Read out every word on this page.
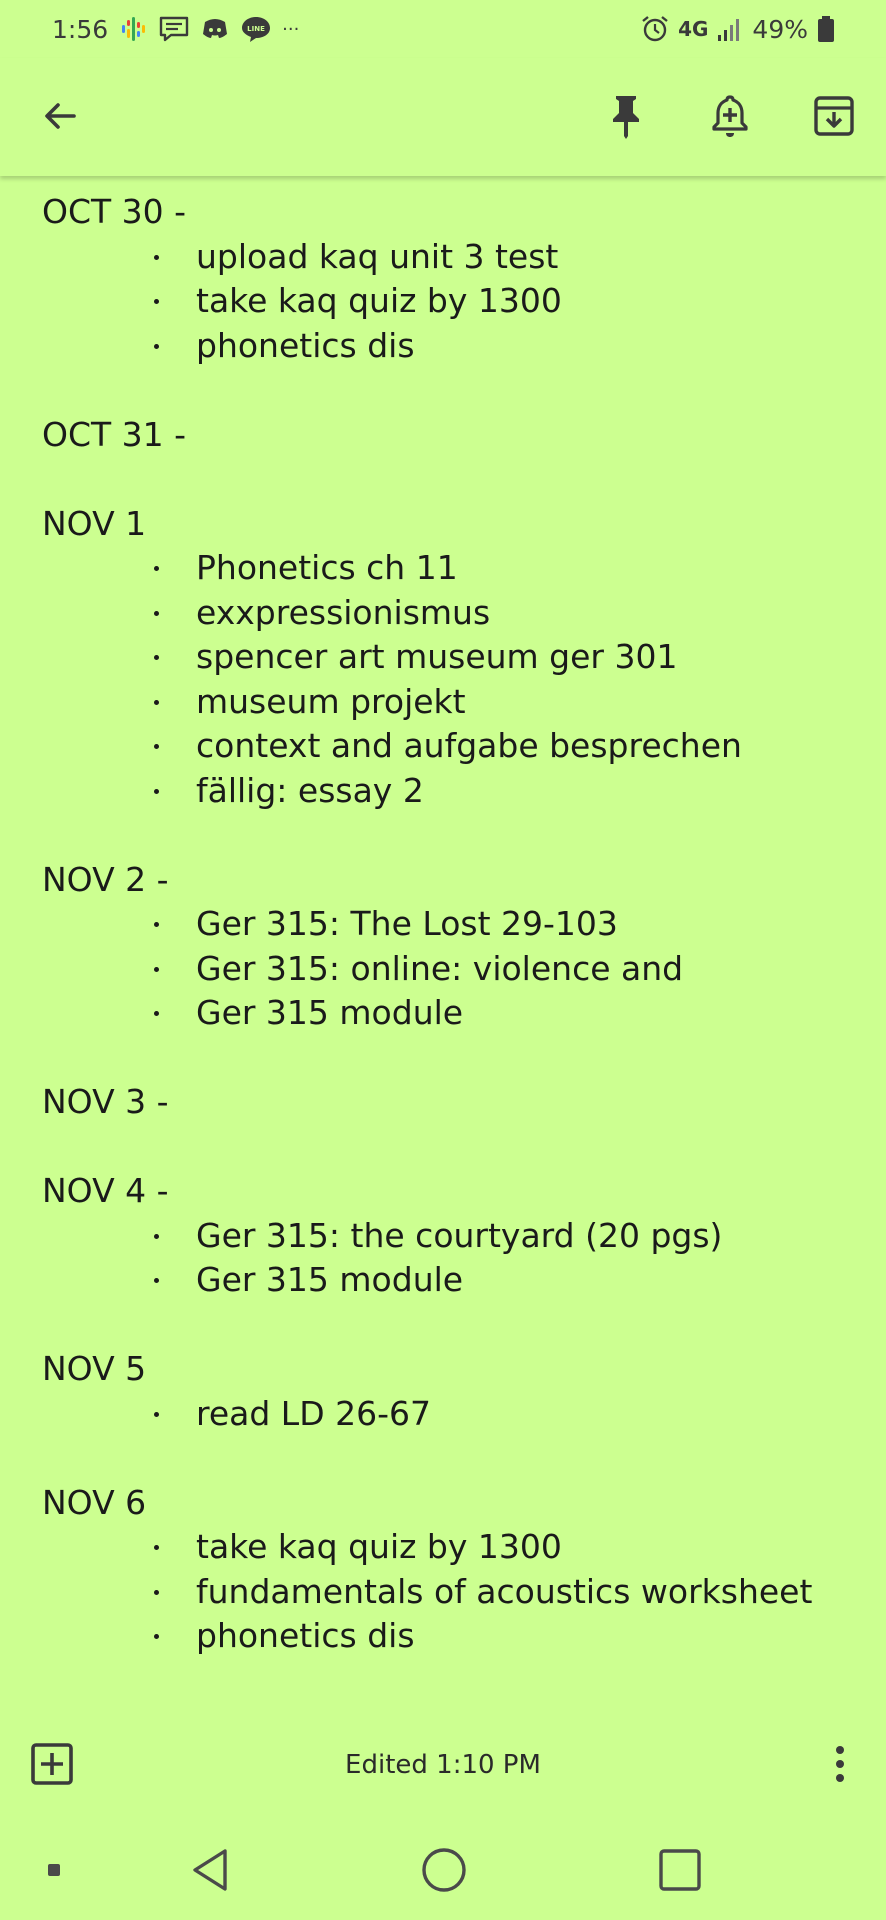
1:56	LINE ···	4G 49%
OCT 30 -
upload kaq unit 3 test
take kaq quiz by 1300
phonetics dis
OCT 31 -
NOV 1
Phonetics ch 11
exxpressionismus
spencer art museum ger 301
museum projekt
context and aufgabe besprechen
fällig: essay 2
NOV 2 -
Ger 315: The Lost 29-103
Ger 315: online: violence and
Ger 315 module
NOV 3 -
NOV 4 -
Ger 315: the courtyard (20 pgs)
Ger 315 module
NOV 5
read LD 26-67
NOV 6
take kaq quiz by 1300
fundamentals of acoustics worksheet
phonetics dis
Edited 1:10 PM
